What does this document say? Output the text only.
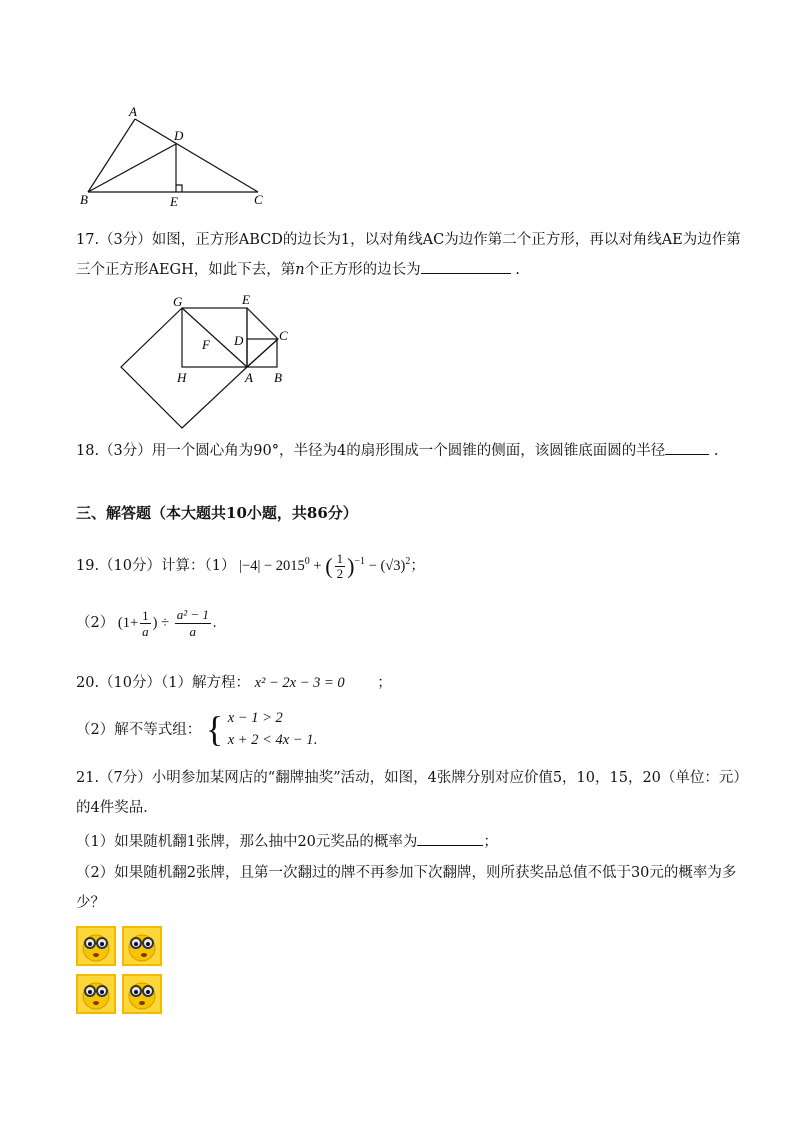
A
D
B	E	C
17.（3分）如图，正方形ABCD的边长为1，以对角线AC为边作第二个正方形，再以对角线AE为边作第
三个正方形AEGH，如此下去，第n个正方形的边长为	.
G	E
C
F D
H	A B
18.（3分）用一个圆心角为90°，半径为4的扇形围成一个圆锥的侧面，该圆锥底面圆的半径	.
三、解答题（本大题共10小题，共86分）
19.（10分）计算：（1） $|-4| - 2015^0$ + ( $\frac{1}{2} )^{-1} - (√3)^2$；
（2） ($1+ \frac{1}{a}$ ) ÷ $\frac{\text{a² − 1}}{a}$ .
20.（10分）（1）解方程： x² − 2x − 3 = 0 ；
（2）解不等式组： { x − 1 > 2
x + 2 < 4x − 1.
21.（7分）小明参加某网店的“翻牌抽奖”活动，如图，4张牌分别对应价值5，10，15，20（单位：元）
的4件奖品．
（1）如果随机翻1张牌，那么抽中20元奖品的概率为	；
（2）如果随机翻2张牌，且第一次翻过的牌不再参加下次翻牌，则所获奖品总值不低于30元的概率为多
少？
